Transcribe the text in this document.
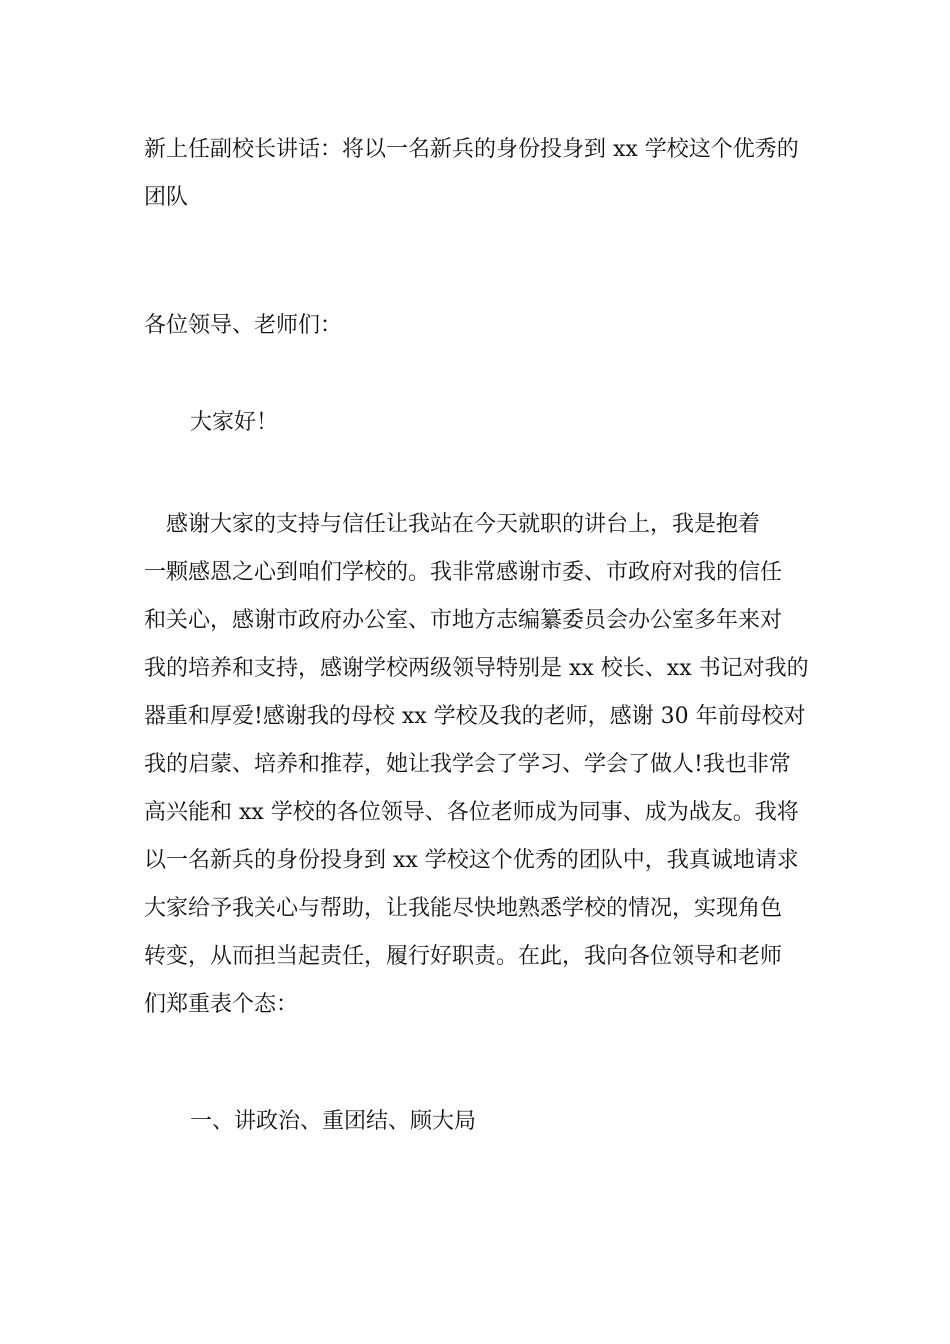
新上任副校长讲话：将以一名新兵的身份投身到 xx 学校这个优秀的
团队
各位领导、老师们：
大家好！
　感谢大家的支持与信任让我站在今天就职的讲台上，我是抱着
一颗感恩之心到咱们学校的。我非常感谢市委、市政府对我的信任
和关心，感谢市政府办公室、市地方志编纂委员会办公室多年来对
我的培养和支持，感谢学校两级领导特别是 xx 校长、xx 书记对我的
器重和厚爱!感谢我的母校 xx 学校及我的老师，感谢 30 年前母校对
我的启蒙、培养和推荐，她让我学会了学习、学会了做人!我也非常
高兴能和 xx 学校的各位领导、各位老师成为同事、成为战友。我将
以一名新兵的身份投身到 xx 学校这个优秀的团队中，我真诚地请求
大家给予我关心与帮助，让我能尽快地熟悉学校的情况，实现角色
转变，从而担当起责任，履行好职责。在此，我向各位领导和老师
们郑重表个态：
一、讲政治、重团结、顾大局
